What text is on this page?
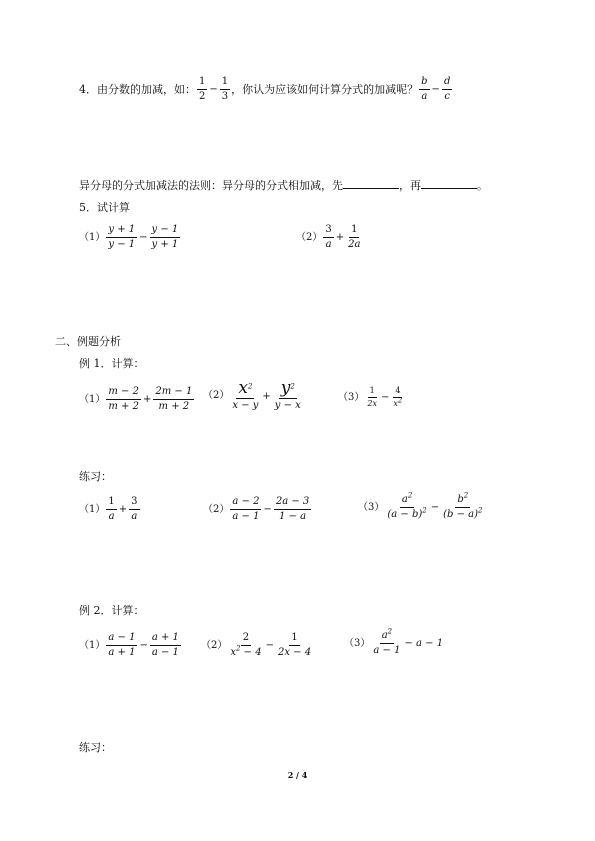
4．由分数的加减，如： $\frac{1}{2} - \frac{1}{3}$ ，你认为应该如何计算分式的加减呢？ $\frac{b}{a} - \frac{d}{c}$
异分母的分式加减法的法则：异分母的分式相加减，先	，再	。
5．试计算
$(1) \frac{y + 1}{y - 1} - \frac{y - 1}{y + 1}$	$(2) \frac{3}{a} + \frac{1}{2a}$
二、例题分析
例 1．计算：
$(1) \frac{m - 2}{m + 2} + \frac{2m - 1}{m + 2} (2) \frac{x^2}{x - y} + \frac{y^2}{y - x}$	$(3) \frac{1}{2x} - \frac{4}{x^2}$
练习：
$(1) \frac{1}{a} + \frac{3}{a}$	$(2) \frac{a - 2}{a - 1} - \frac{2a - 3}{1 - a}$	$(3) \frac{a^2}{(a - b)^2} - \frac{b^2}{(b - a)^2}$
例 2．计算：
$(1) \frac{a - 1}{a + 1} - \frac{a + 1}{a - 1} (2) \frac{2}{x^2 - 4} - \frac{1}{2x - 4}$	$(3) \frac{a^2}{a - 1} - a - 1$
练习：
2 / 4
